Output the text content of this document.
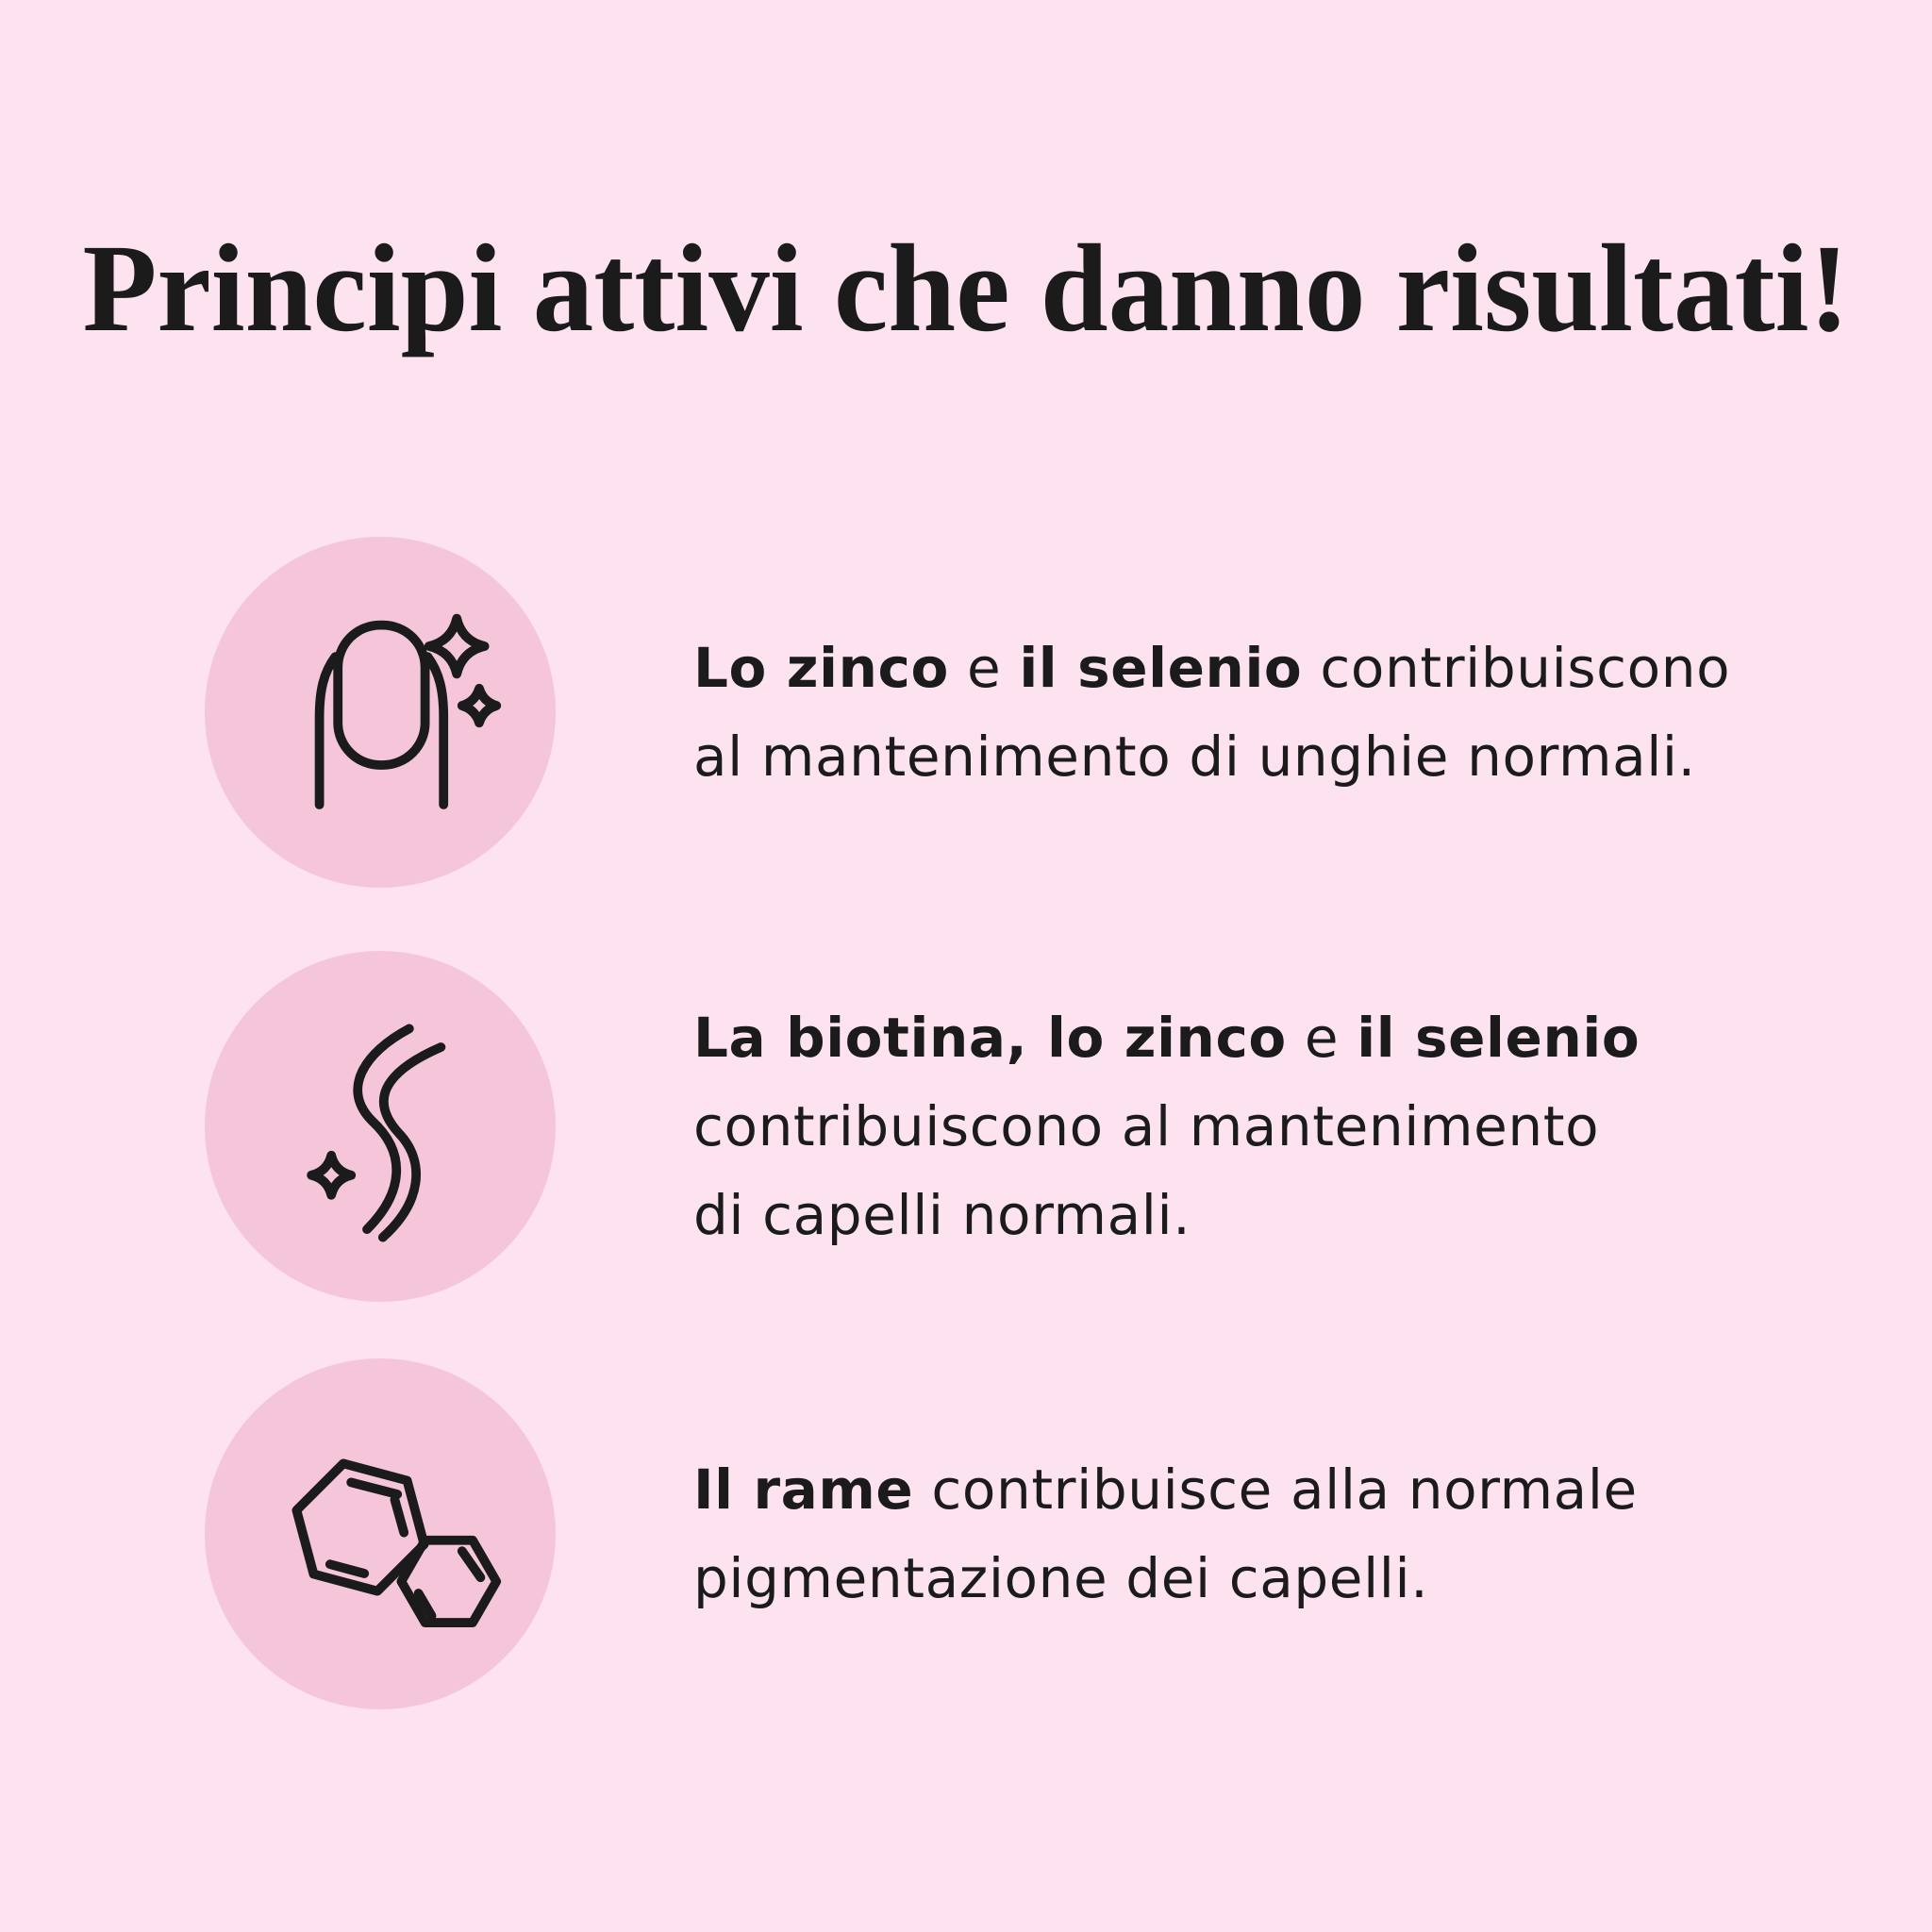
Principi attivi che danno risultati!
Lo zinco e il selenio contribuiscono
al mantenimento di unghie normali.
La biotina, lo zinco e il selenio
contribuiscono al mantenimento
di capelli normali.
Il rame contribuisce alla normale
pigmentazione dei capelli.
